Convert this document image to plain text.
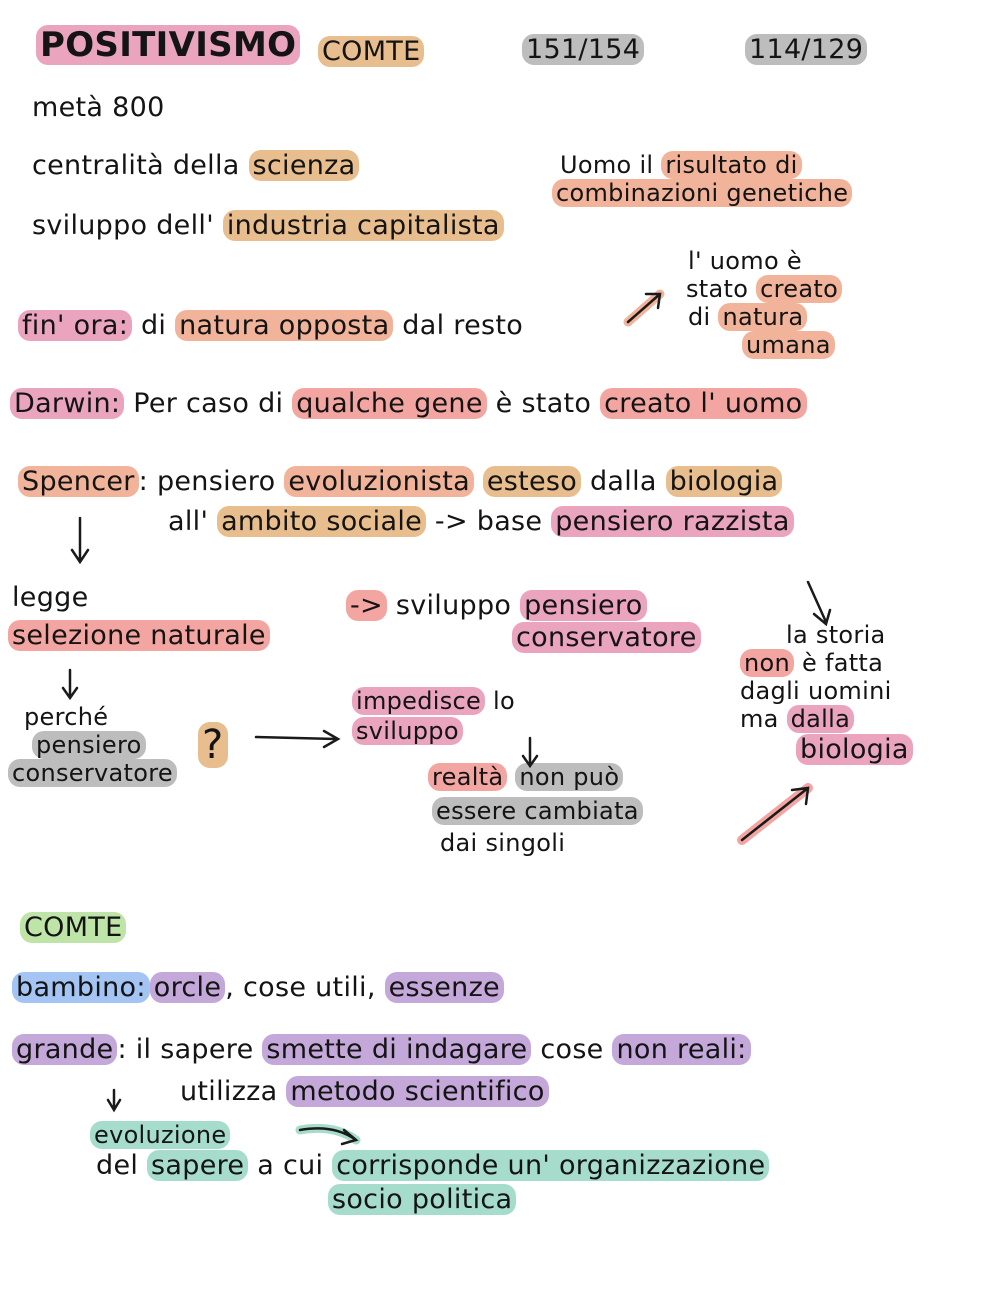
POSITIVISMO COMTE	151/154	114/129
metà 800
centralità della scienza
sviluppo dell' industria capitalista
Uomo il risultato di
combinazioni genetiche
l' uomo è
stato creato
di natura
umana
fin' ora: di natura opposta dal resto
Darwin: Per caso di qualche gene è stato creato l' uomo
Spencer : pensiero evoluzionista esteso dalla biologia
all' ambito sociale -> base pensiero razzista
legge
selezione naturale
-> sviluppo pensiero
conservatore	la storia
non è fatta
dagli uomini
ma dalla
biologia
perché
pensiero
conservatore
?
impedisce lo
sviluppo
realtà non può
essere cambiata
dai singoli
COMTE
bambino: orcle , cose utili, essenze
grande : il sapere smette di indagare cose non reali:
utilizza metodo scientifico
evoluzione
del sapere a cui corrisponde un' organizzazione
socio politica
